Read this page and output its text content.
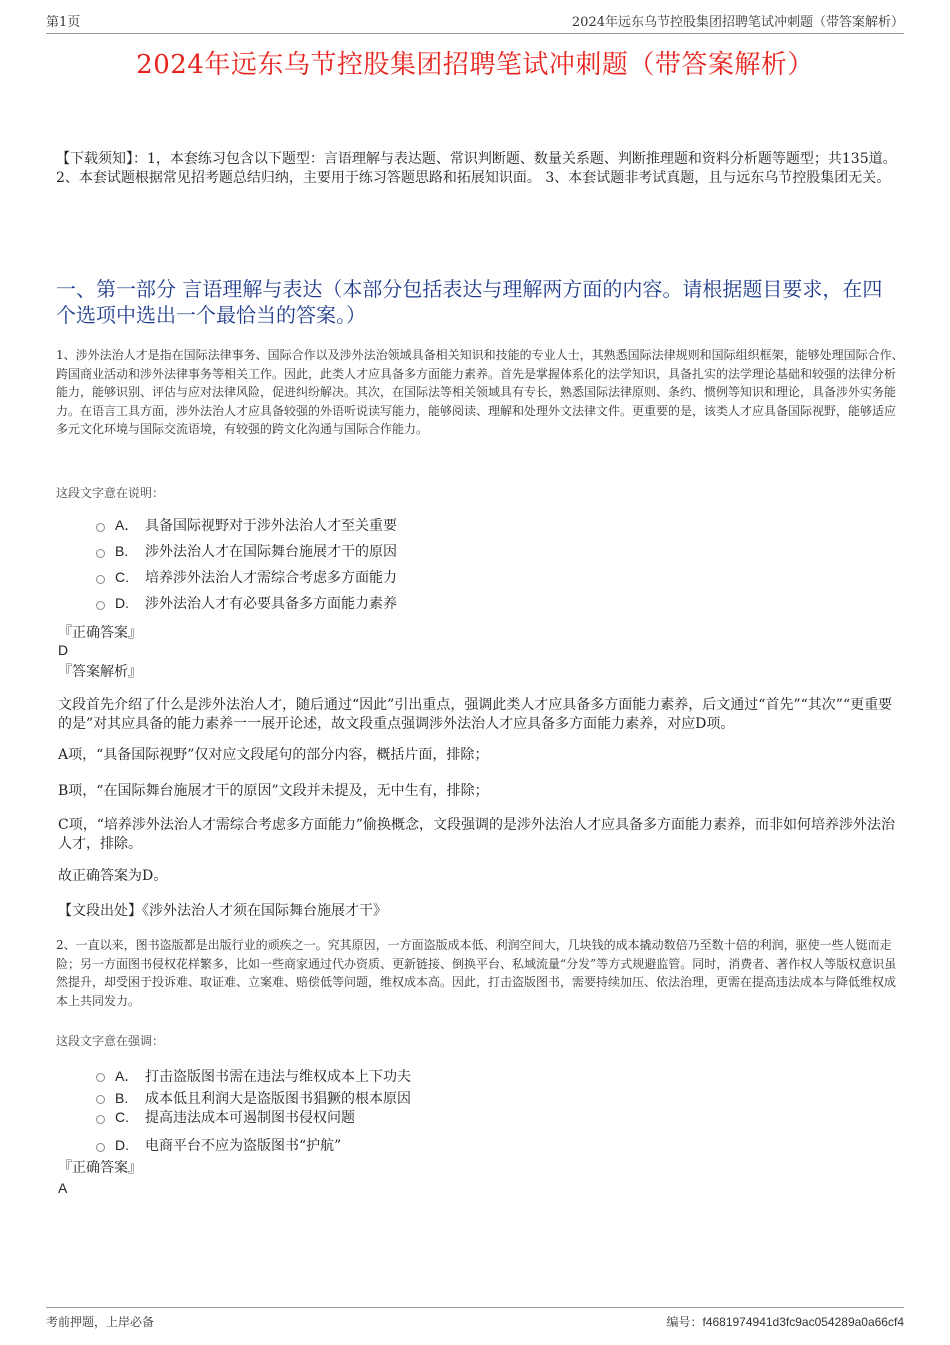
第1页	2024年远东乌节控股集团招聘笔试冲刺题（带答案解析）
2024年远东乌节控股集团招聘笔试冲刺题（带答案解析）
【下载须知】：1，本套练习包含以下题型：言语理解与表达题、常识判断题、数量关系题、判断推理题和资料分析题等题型；共135道。 2、本套试题根据常见招考题总结归纳，主要用于练习答题思路和拓展知识面。 3、本套试题非考试真题，且与远东乌节控股集团无关。
一、第一部分 言语理解与表达（本部分包括表达与理解两方面的内容。请根据题目要求，在四个选项中选出一个最恰当的答案。）
1、涉外法治人才是指在国际法律事务、国际合作以及涉外法治领域具备相关知识和技能的专业人士，其熟悉国际法律规则和国际组织框架，能够处理国际合作、跨国商业活动和涉外法律事务等相关工作。因此，此类人才应具备多方面能力素养。首先是掌握体系化的法学知识，具备扎实的法学理论基础和较强的法律分析能力，能够识别、评估与应对法律风险，促进纠纷解决。其次，在国际法等相关领域具有专长，熟悉国际法律原则、条约、惯例等知识和理论，具备涉外实务能力。在语言工具方面，涉外法治人才应具备较强的外语听说读写能力，能够阅读、理解和处理外文法律文件。更重要的是，该类人才应具备国际视野，能够适应多元文化环境与国际交流语境，有较强的跨文化沟通与国际合作能力。
这段文字意在说明：
A． 具备国际视野对于涉外法治人才至关重要
B.	涉外法治人才在国际舞台施展才干的原因
C.	培养涉外法治人才需综合考虑多方面能力
D.	涉外法治人才有必要具备多方面能力素养
『正确答案』
D
『答案解析』
文段首先介绍了什么是涉外法治人才，随后通过“因此”引出重点，强调此类人才应具备多方面能力素养，后文通过“首先”“其次”“更重要的是”对其应具备的能力素养一一展开论述，故文段重点强调涉外法治人才应具备多方面能力素养，对应D项。
A项，“具备国际视野”仅对应文段尾句的部分内容，概括片面，排除；
B项，“在国际舞台施展才干的原因”文段并未提及，无中生有，排除；
C项，“培养涉外法治人才需综合考虑多方面能力”偷换概念，文段强调的是涉外法治人才应具备多方面能力素养，而非如何培养涉外法治人才，排除。
故正确答案为D。
【文段出处】《涉外法治人才须在国际舞台施展才干》
2、一直以来，图书盗版都是出版行业的顽疾之一。究其原因，一方面盗版成本低、利润空间大，几块钱的成本撬动数倍乃至数十倍的利润，驱使一些人铤而走险；另一方面图书侵权花样繁多，比如一些商家通过代办资质、更新链接、倒换平台、私域流量“分发”等方式规避监管。同时，消费者、著作权人等版权意识虽然提升，却受困于投诉难、取证难、立案难、赔偿低等问题，维权成本高。因此，打击盗版图书，需要持续加压、依法治理，更需在提高违法成本与降低维权成本上共同发力。
这段文字意在强调：
A． 打击盗版图书需在违法与维权成本上下功夫
B.	成本低且利润大是盗版图书猖獗的根本原因
C.	提高违法成本可遏制图书侵权问题
D.	电商平台不应为盗版图书“护航”
『正确答案』
A
考前押题，上岸必备	编号：f4681974941d3fc9ac054289a0a66cf4
